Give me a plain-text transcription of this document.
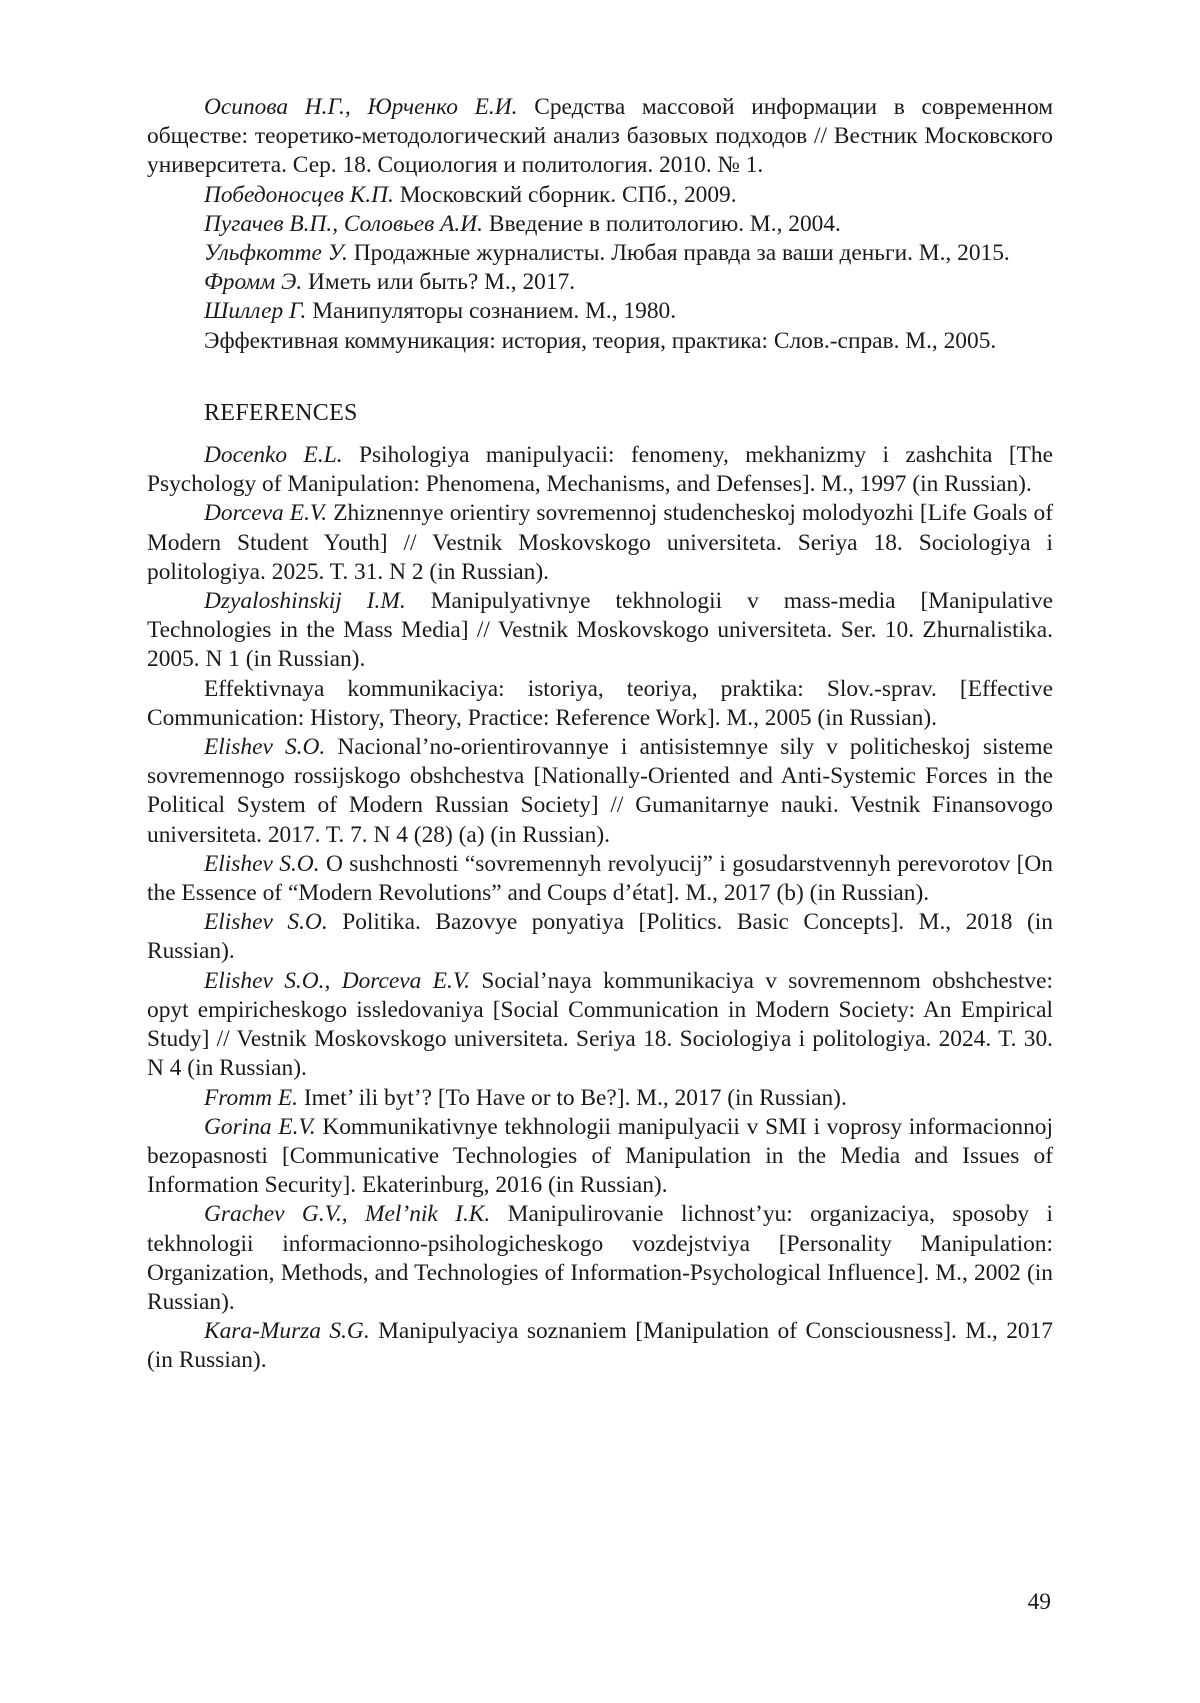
Осипова Н.Г., Юрченко Е.И. Средства массовой информации в современном обществе: теоретико-методологический анализ базовых подходов // Вестник Московского университета. Сер. 18. Социология и политология. 2010. № 1.

Победоносцев К.П. Московский сборник. СПб., 2009.

Пугачев В.П., Соловьев А.И. Введение в политологию. М., 2004.

Ульфкотте У. Продажные журналисты. Любая правда за ваши деньги. М., 2015.

Фромм Э. Иметь или быть? М., 2017.

Шиллер Г. Манипуляторы сознанием. М., 1980.

Эффективная коммуникация: история, теория, практика: Слов.-справ. М., 2005.

REFERENCES

Docenko E.L. Psihologiya manipulyacii: fenomeny, mekhanizmy i zashchita [The Psychology of Manipulation: Phenomena, Mechanisms, and Defenses]. M., 1997 (in Russian).

Dorceva E.V. Zhiznennye orientiry sovremennoj studencheskoj molodyozhi [Life Goals of Modern Student Youth] // Vestnik Moskovskogo universiteta. Seriya 18. Sociologiya i politologiya. 2025. T. 31. N 2 (in Russian).

Dzyaloshinskij I.M. Manipulyativnye tekhnologii v mass-media [Manipulative Technologies in the Mass Media] // Vestnik Moskovskogo universiteta. Ser. 10. Zhurnalistika. 2005. N 1 (in Russian).

Effektivnaya kommunikaciya: istoriya, teoriya, praktika: Slov.-sprav. [Effective Communication: History, Theory, Practice: Reference Work]. M., 2005 (in Russian).

Elishev S.O. Nacional’no-orientirovannye i antisistemnye sily v politicheskoj sisteme sovremennogo rossijskogo obshchestva [Nationally-Oriented and Anti-Systemic Forces in the Political System of Modern Russian Society] // Gumanitarnye nauki. Vestnik Finansovogo universiteta. 2017. T. 7. N 4 (28) (a) (in Russian).

Elishev S.O. O sushchnosti “sovremennyh revolyucij” i gosudarstvennyh perevorotov [On the Essence of “Modern Revolutions” and Coups d’état]. M., 2017 (b) (in Russian).

Elishev S.O. Politika. Bazovye ponyatiya [Politics. Basic Concepts]. M., 2018 (in Russian).

Elishev S.O., Dorceva E.V. Social’naya kommunikaciya v sovremennom obshchestve: opyt empiricheskogo issledovaniya [Social Communication in Modern Society: An Empirical Study] // Vestnik Moskovskogo universiteta. Seriya 18. Sociologiya i politologiya. 2024. T. 30. N 4 (in Russian).

Fromm E. Imet’ ili byt’? [To Have or to Be?]. M., 2017 (in Russian).

Gorina E.V. Kommunikativnye tekhnologii manipulyacii v SMI i voprosy informacionnoj bezopasnosti [Communicative Technologies of Manipulation in the Media and Issues of Information Security]. Ekaterinburg, 2016 (in Russian).

Grachev G.V., Mel’nik I.K. Manipulirovanie lichnost’yu: organizaciya, sposoby i tekhnologii informacionno-psihologicheskogo vozdejstviya [Personality Manipulation: Organization, Methods, and Technologies of Information-Psychological Influence]. M., 2002 (in Russian).

Kara-Murza S.G. Manipulyaciya soznaniem [Manipulation of Consciousness]. M., 2017 (in Russian).

49
